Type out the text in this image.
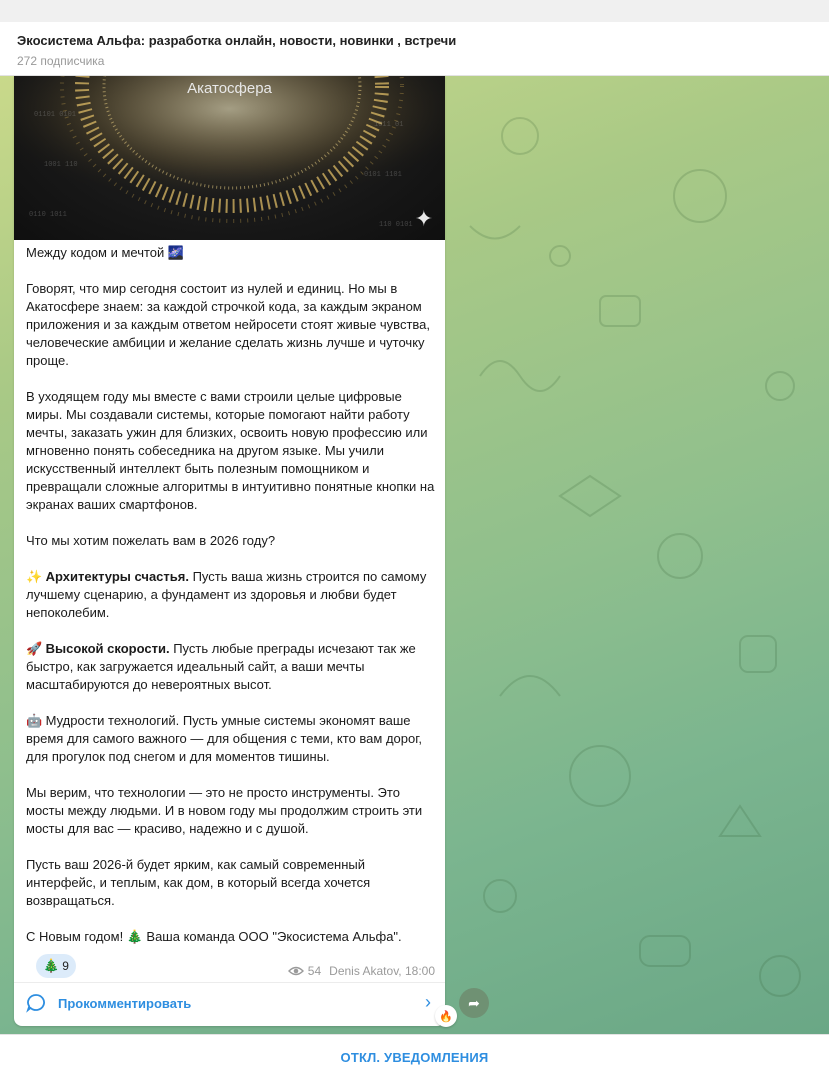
Экосистема Альфа: разработка онлайн, новости, новинки , встречи
272 подписчика
01101 0101
1001 110
0110 1011
1011 01
0101 1101
110 0101
Акатосфера
✦

Между кодом и мечтой 🌌

Говорят, что мир сегодня состоит из нулей и единиц. Но мы в Акатосфере знаем: за каждой строчкой кода, за каждым экраном приложения и за каждым ответом нейросети стоят живые чувства, человеческие амбиции и желание сделать жизнь лучше и чуточку проще.

В уходящем году мы вместе с вами строили целые цифровые миры. Мы создавали системы, которые помогают найти работу мечты, заказать ужин для близких, освоить новую профессию или мгновенно понять собеседника на другом языке. Мы учили искусственный интеллект быть полезным помощником и превращали сложные алгоритмы в интуитивно понятные кнопки на экранах ваших смартфонов.

Что мы хотим пожелать вам в 2026 году?

✨ Архитектуры счастья. Пусть ваша жизнь строится по самому лучшему сценарию, а фундамент из здоровья и любви будет непоколебим.

🚀 Высокой скорости. Пусть любые преграды исчезают так же быстро, как загружается идеальный сайт, а ваши мечты масштабируются до невероятных высот.

🤖 Мудрости технологий. Пусть умные системы экономят ваше время для самого важного — для общения с теми, кто вам дорог, для прогулок под снегом и для моментов тишины.

Мы верим, что технологии — это не просто инструменты. Это мосты между людьми. И в новом году мы продолжим строить эти мосты для вас — красиво, надежно и с душой.

Пусть ваш 2026-й будет ярким, как самый современный интерфейс, и теплым, как дом, в который всегда хочется возвращаться.

С Новым годом! 🎄 Ваша команда ООО "Экосистема Альфа".

🎄 9	54 Denis Akatov, 18:00
Прокомментировать	›	➦
🔥
ОТКЛ. УВЕДОМЛЕНИЯ
